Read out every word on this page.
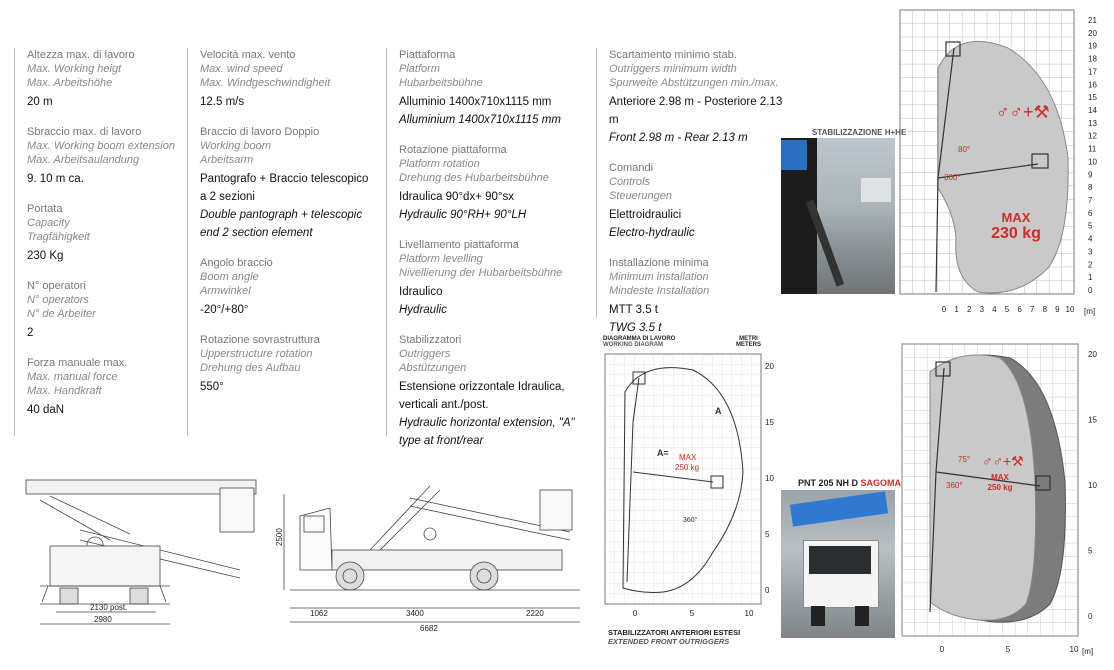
Altezza max. di lavoro
Max. Working heigt
Max. Arbeitshöhe
20 m
Sbraccio max. di lavoro
Max. Working boom extension
Max. Arbeitsaulandung
9. 10 m ca.
Portata
Capacity
Tragfähigkeit
230 Kg
N° operatori
N° operators
N° de Arbeiter
2
Forza manuale max.
Max. manual force
Max. Handkraft
40 daN
Velocità max. vento
Max. wind speed
Max. Windgeschwindigheit
12.5 m/s
Braccio di lavoro Doppio
Working boom
Arbeitsarm
Pantografo + Braccio telescopico a 2 sezioni
Double pantograph + telescopic end 2 section element
Angolo braccio
Boom angle
Armwinkel
-20°/+80°
Rotazione sovrastruttura
Upperstructure rotation
Drehung des Aufbau
550°
Piattaforma
Platform
Hubarbeitsbühne
Alluminio 1400x710x1115 mm
Alluminium 1400x710x1115 mm
Rotazione piattaforma
Platform rotation
Drehung des Hubarbeitsbühne
Idraulica 90°dx+ 90°sx
Hydraulic 90°RH+ 90°LH
Livellamento piattaforma
Platform levelling
Nivellierung der Hubarbeitsbühne
Idraulico
Hydraulic
Stabilizzatori
Outriggers
Abstützungen
Estensione orizzontale Idraulica, verticali ant./post.
Hydraulic horizontal extension, "A" type at front/rear
Scartamento minimo stab.
Outriggers minimum width
Spurweite Abstützungen min./max.
Anteriore 2.98 m - Posteriore 2.13 m
Front 2.98 m - Rear 2.13 m
Comandi
Controls
Steuerungen
Elettroidraulici
Electro-hydraulic
Installazione minima
Minimum installation
Mindeste Installation
MTT 3.5 t
TWG 3.5 t
2130 post.
2980
2500
1062	3400	2220
6682
MAX
230 kg
♂♂+⚒
80°
360°
21
20
19
18
17
16
15
14
13
12
11
10
9
8
7
6
5
4
3
2
1
0
0 1 2 3 4 5 6 7 8 9 10 [m]
STABILIZZAZIONE H+HE
DIAGRAMMA DI LAVORO
WORKING DIAGRAM
METRI
METERS
A= MAX
250 kg
A
360°
20
15
10
5
0
0	5	10
STABILIZZATORI ANTERIORI ESTESI
EXTENDED FRONT OUTRIGGERS
PNT 205 NH D SAGOMA
75°
360°
♂♂+⚒
MAX
250 kg
20
15
10
5
0
0	5	10 [m]
